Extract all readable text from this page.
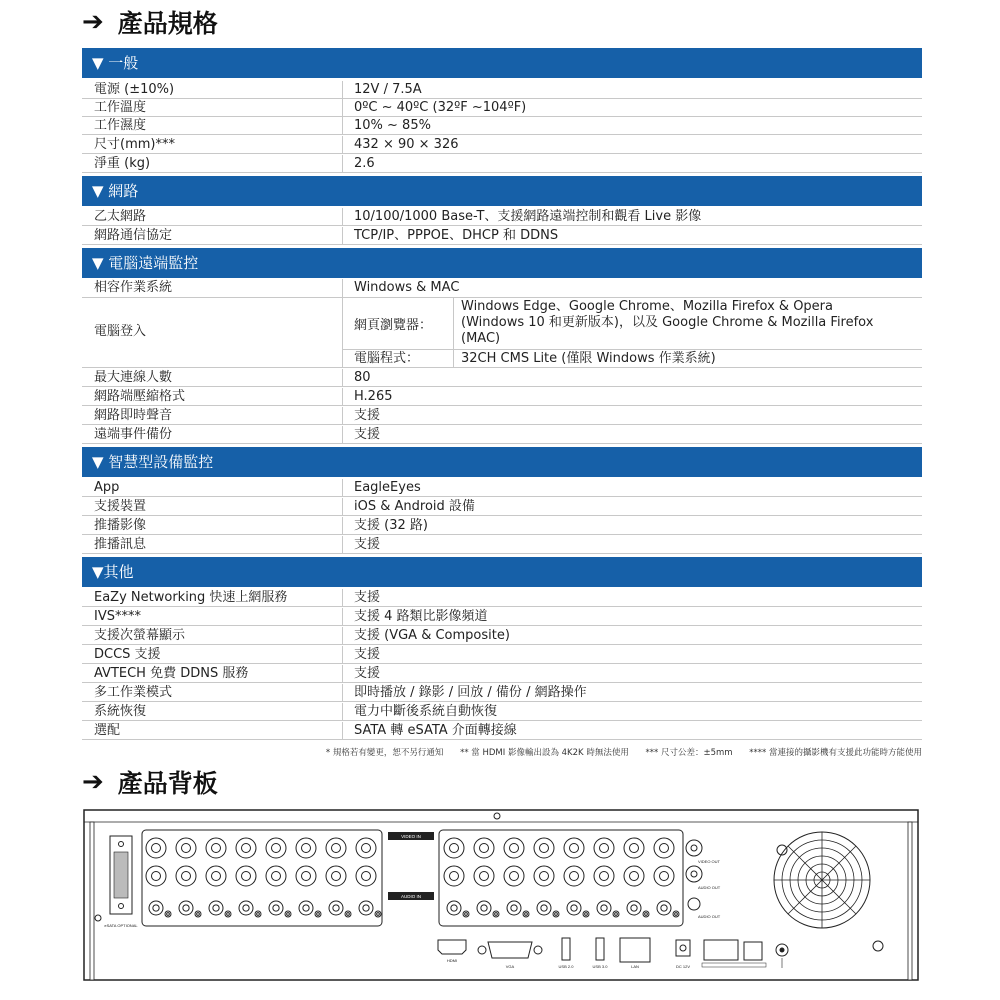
➔ 產品規格
▼ 一般
電源 (±10%)	12V / 7.5A
工作溫度	0ºC ~ 40ºC (32ºF ~104ºF)
工作濕度	10% ~ 85%
尺寸(mm)***	432 × 90 × 326
淨重 (kg)	2.6
▼ 網路
乙太網路	10/100/1000 Base-T、支援網路遠端控制和觀看 Live 影像
網路通信協定	TCP/IP、PPPOE、DHCP 和 DDNS
▼ 電腦遠端監控
相容作業系統	Windows & MAC
電腦登入	網頁瀏覽器：
Windows Edge、Google Chrome、Mozilla Firefox & Opera
(Windows 10 和更新版本)，以及 Google Chrome & Mozilla Firefox
(MAC)
電腦程式：	32CH CMS Lite (僅限 Windows 作業系統)
最大連線人數	80
網路端壓縮格式	H.265
網路即時聲音	支援
遠端事件備份	支援
▼ 智慧型設備監控
App	EagleEyes
支援裝置	iOS & Android 設備
推播影像	支援 (32 路)
推播訊息	支援
▼其他
EaZy Networking 快速上網服務	支援
IVS****	支援 4 路類比影像頻道
支援次螢幕顯示	支援 (VGA & Composite)
DCCS 支援	支援
AVTECH 免費 DDNS 服務	支援
多工作業模式	即時播放 / 錄影 / 回放 / 備份 / 網路操作
系統恢復	電力中斷後系統自動恢復
選配	SATA 轉 eSATA 介面轉接線
* 規格若有變更，恕不另行通知 ** 當 HDMI 影像輸出設為 4K2K 時無法使用 *** 尺寸公差：±5mm **** 當連接的攝影機有支援此功能時方能使用
➔ 產品背板
eSATA OPTIONAL
VIDEO IN
AUDIO IN
VIDEO OUT
AUDIO OUT
AUDIO OUT
HDMI
VGA	USB 2.0	USB 3.0	LAN	DC 12V
